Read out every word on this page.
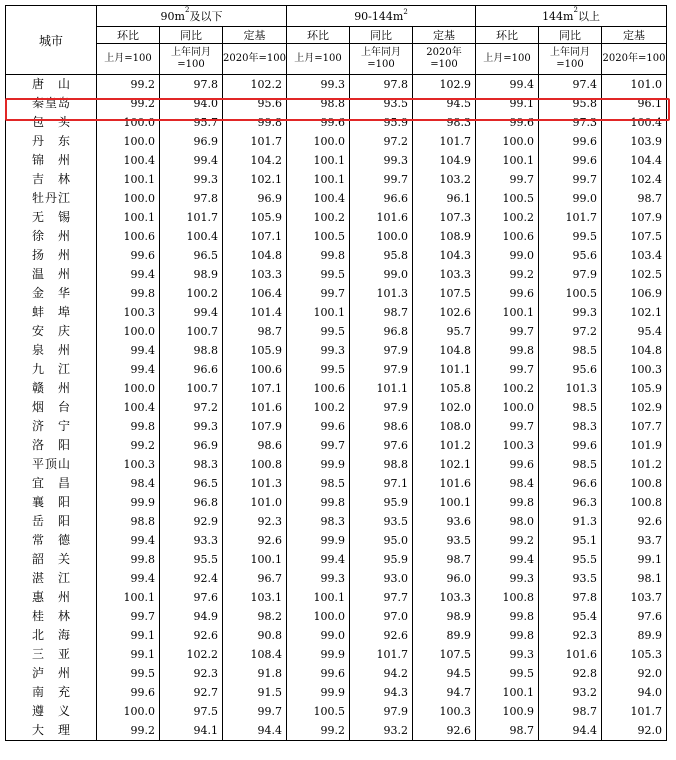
城市	$90m^2$及以下			$90-144m^2$			$144m^2$以上		
	环比	同比	定基	环比	同比	定基	环比	同比	定基
	上月=100	上年同月=100	2020年=100	上月=100	上年同月=100	2020年=100	上月=100	上年同月=100	2020年=100
唐山	99.2	97.8	102.2	99.3	97.8	102.9	99.4	97.4	101.0
秦皇岛	99.2	94.0	95.6	98.8	93.5	94.5	99.1	95.8	96.1
包头	100.0	95.7	99.8	99.6	95.9	98.3	99.6	97.3	100.4
丹东	100.0	96.9	101.7	100.0	97.2	101.7	100.0	99.6	103.9
锦州	100.4	99.4	104.2	100.1	99.3	104.9	100.1	99.6	104.4
吉林	100.1	99.3	102.1	100.1	99.7	103.2	99.7	99.7	102.4
牡丹江	100.0	97.8	96.9	100.4	96.6	96.1	100.5	99.0	98.7
无锡	100.1	101.7	105.9	100.2	101.6	107.3	100.2	101.7	107.9
徐州	100.6	100.4	107.1	100.5	100.0	108.9	100.6	99.5	107.5
扬州	99.6	96.5	104.8	99.8	95.8	104.3	99.0	95.6	103.4
温州	99.4	98.9	103.3	99.5	99.0	103.3	99.2	97.9	102.5
金华	99.8	100.2	106.4	99.7	101.3	107.5	99.6	100.5	106.9
蚌埠	100.3	99.4	101.4	100.1	98.7	102.6	100.1	99.3	102.1
安庆	100.0	100.7	98.7	99.5	96.8	95.7	99.7	97.2	95.4
泉州	99.4	98.8	105.9	99.3	97.9	104.8	99.8	98.5	104.8
九江	99.4	96.6	100.6	99.5	97.9	101.1	99.7	95.6	100.3
赣州	100.0	100.7	107.1	100.6	101.1	105.8	100.2	101.3	105.9
烟台	100.4	97.2	101.6	100.2	97.9	102.0	100.0	98.5	102.9
济宁	99.8	99.3	107.9	99.6	98.6	108.0	99.7	98.3	107.7
洛阳	99.2	96.9	98.6	99.7	97.6	101.2	100.3	99.6	101.9
平顶山	100.3	98.3	100.8	99.9	98.8	102.1	99.6	98.5	101.2
宜昌	98.4	96.5	101.3	98.5	97.1	101.6	98.4	96.6	100.8
襄阳	99.9	96.8	101.0	99.8	95.9	100.1	99.8	96.3	100.8
岳阳	98.8	92.9	92.3	98.3	93.5	93.6	98.0	91.3	92.6
常德	99.4	93.3	92.6	99.9	95.0	93.5	99.2	95.1	93.7
韶关	99.8	95.5	100.1	99.4	95.9	98.7	99.4	95.5	99.1
湛江	99.4	92.4	96.7	99.3	93.0	96.0	99.3	93.5	98.1
惠州	100.1	97.6	103.1	100.1	97.7	103.3	100.8	97.8	103.7
桂林	99.7	94.9	98.2	100.0	97.0	98.9	99.8	95.4	97.6
北海	99.1	92.6	90.8	99.0	92.6	89.9	99.8	92.3	89.9
三亚	99.1	102.2	108.4	99.9	101.7	107.5	99.3	101.6	105.3
泸州	99.5	92.3	91.8	99.6	94.2	94.5	99.5	92.8	92.0
南充	99.6	92.7	91.5	99.9	94.3	94.7	100.1	93.2	94.0
遵义	100.0	97.5	99.7	100.5	97.9	100.3	100.9	98.7	101.7
大理	99.2	94.1	94.4	99.2	93.2	92.6	98.7	94.4	92.0
